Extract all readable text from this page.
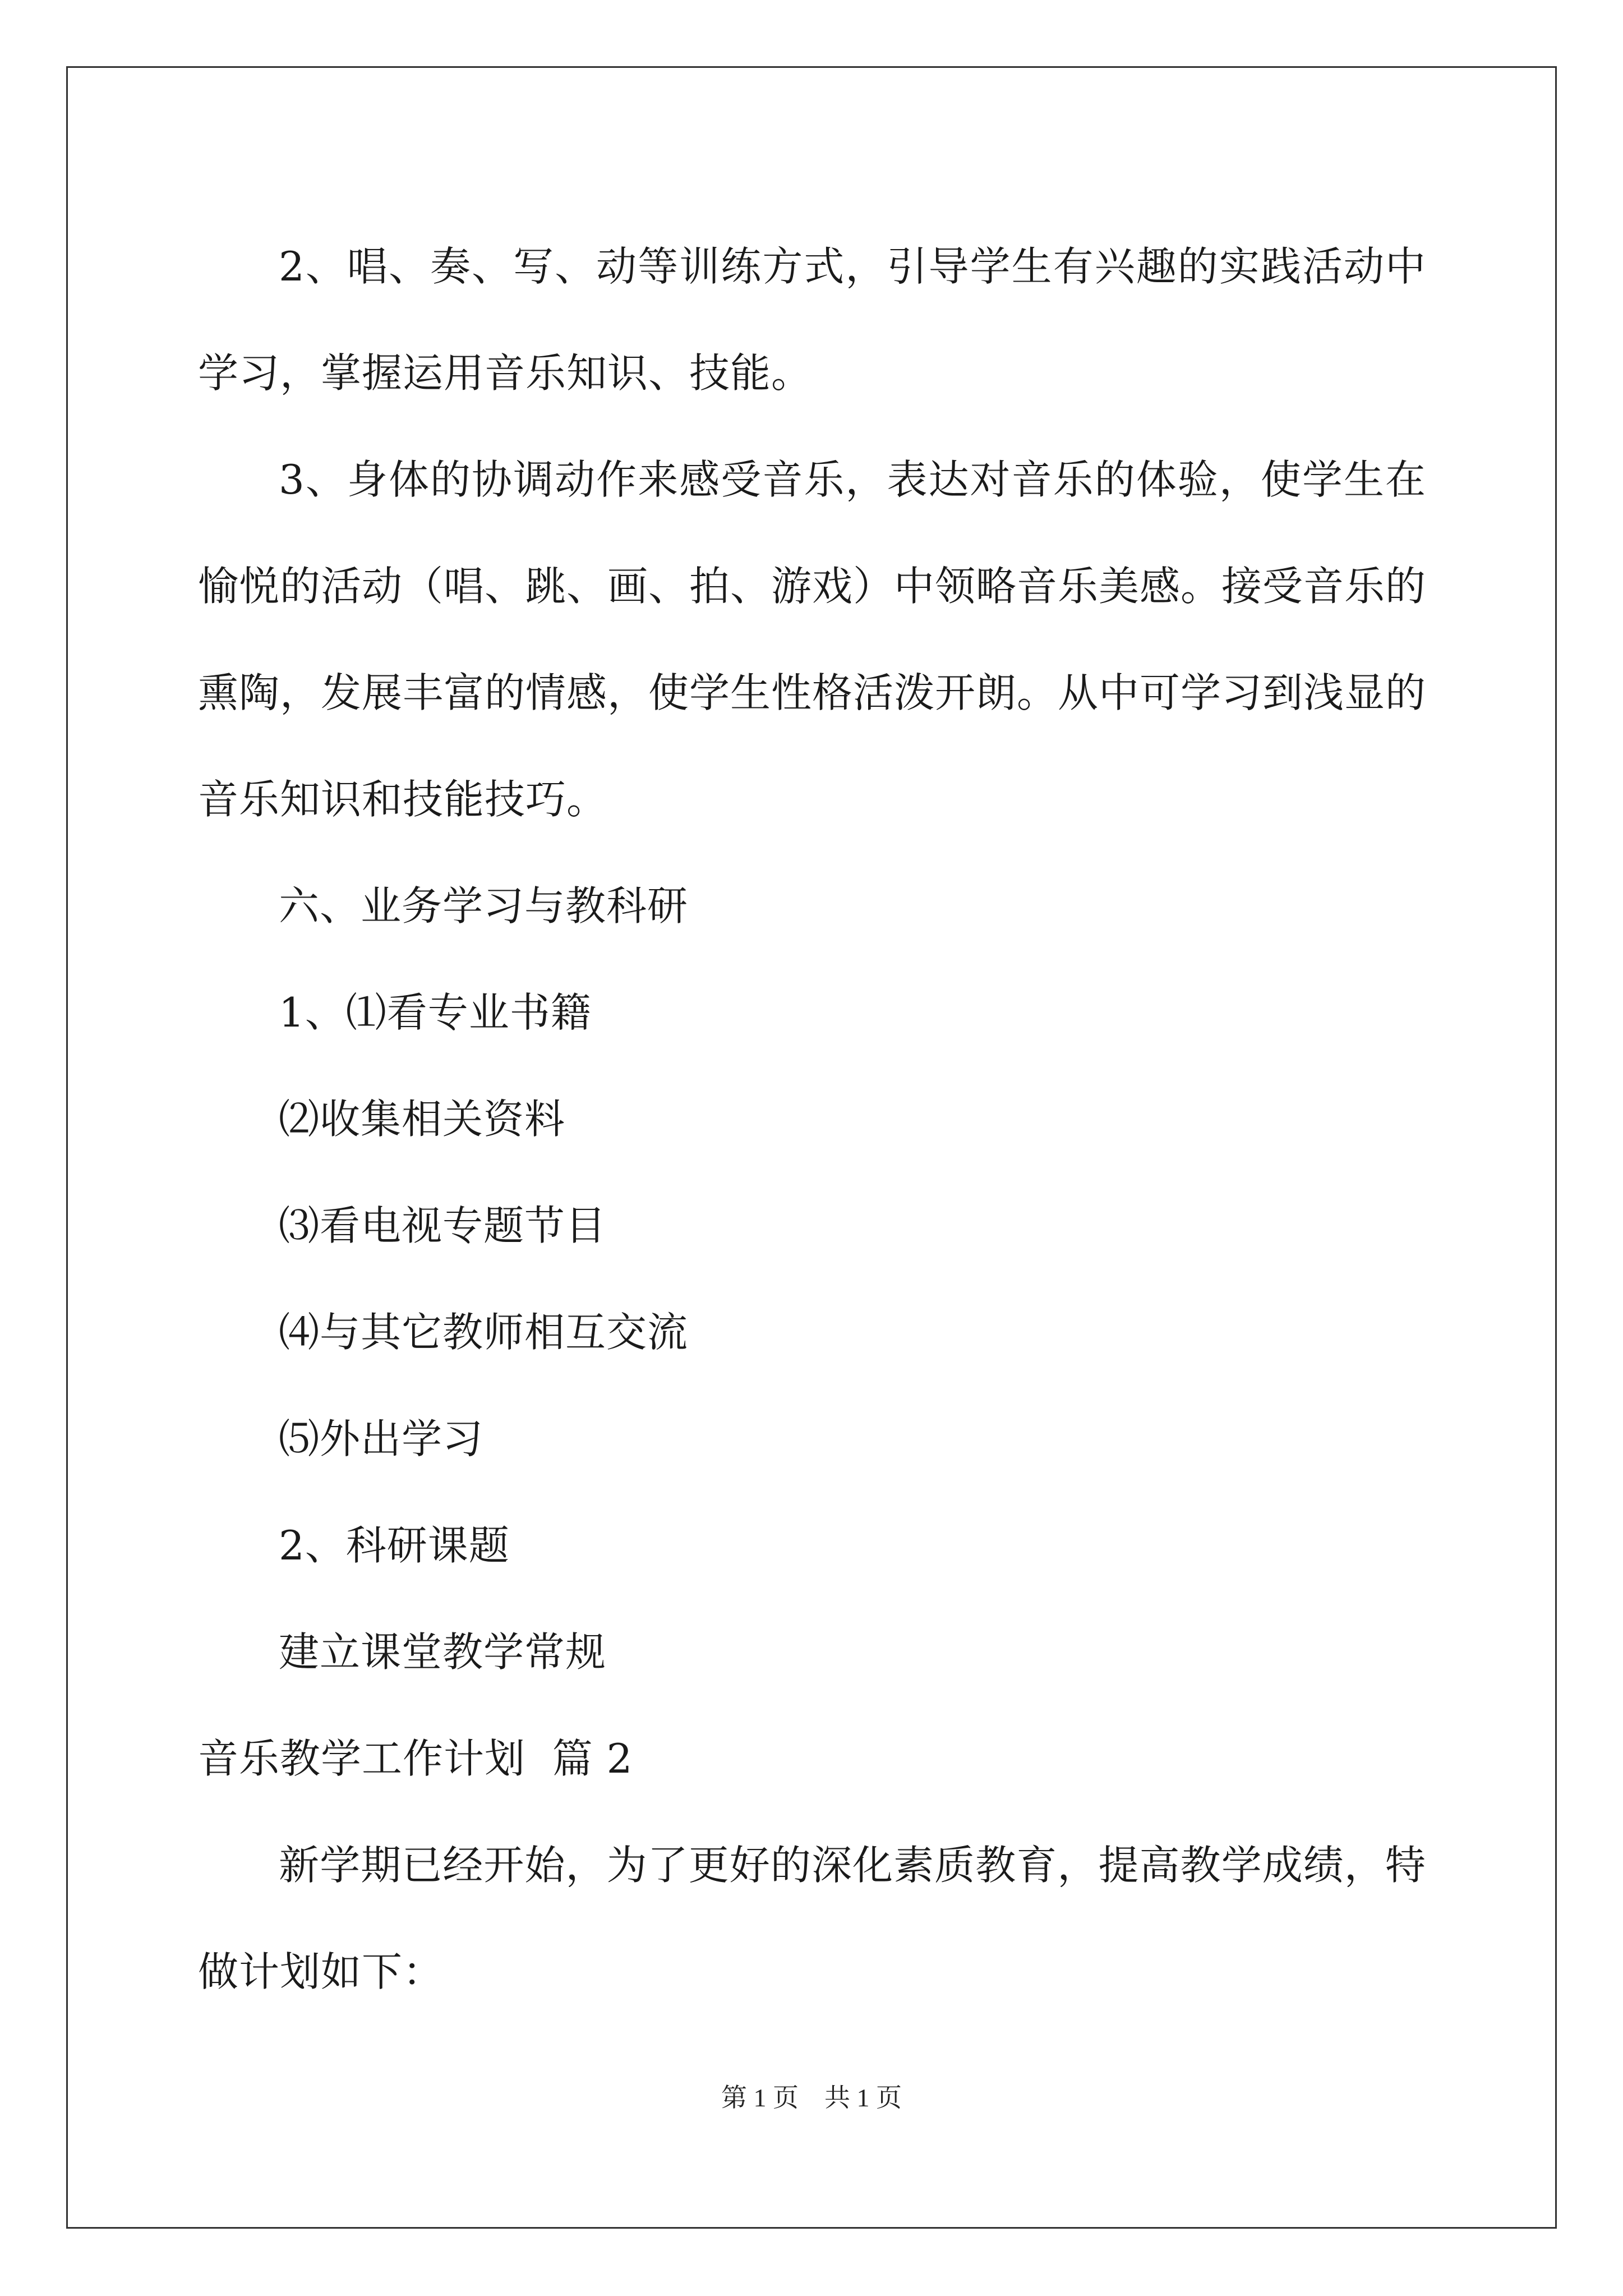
2、唱、奏、写、动等训练方式，引导学生有兴趣的实践活动中学习，掌握运用音乐知识、技能。

3、身体的协调动作来感受音乐，表达对音乐的体验，使学生在愉悦的活动（唱、跳、画、拍、游戏）中领略音乐美感。接受音乐的熏陶，发展丰富的情感，使学生性格活泼开朗。从中可学习到浅显的音乐知识和技能技巧。

六、业务学习与教科研

1、⑴看专业书籍

⑵收集相关资料

⑶看电视专题节目

⑷与其它教师相互交流

⑸外出学习

2、科研课题

建立课堂教学常规

音乐教学工作计划  篇 2

新学期已经开始，为了更好的深化素质教育，提高教学成绩，特做计划如下：

第 1 页 共 1 页
